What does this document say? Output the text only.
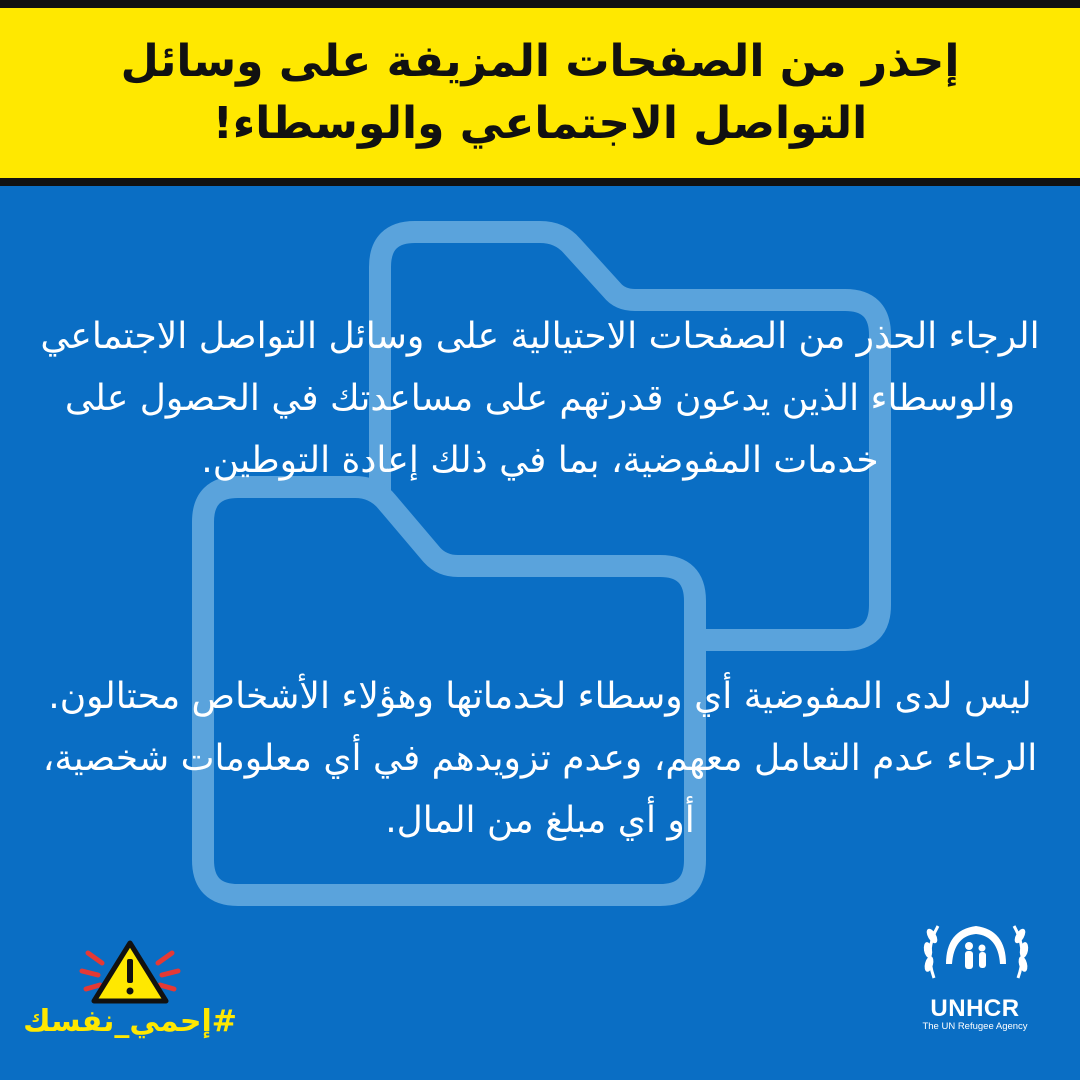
إحذر من الصفحات المزيفة على وسائل التواصل الاجتماعي والوسطاء!
الرجاء الحذر من الصفحات الاحتيالية على وسائل التواصل الاجتماعي والوسطاء الذين يدعون قدرتهم على مساعدتك في الحصول على خدمات المفوضية، بما في ذلك إعادة التوطين.
ليس لدى المفوضية أي وسطاء لخدماتها وهؤلاء الأشخاص محتالون. الرجاء عدم التعامل معهم، وعدم تزويدهم في أي معلومات شخصية، أو أي مبلغ من المال.
#إحمي_نفسك	UNHCR
The UN Refugee Agency
